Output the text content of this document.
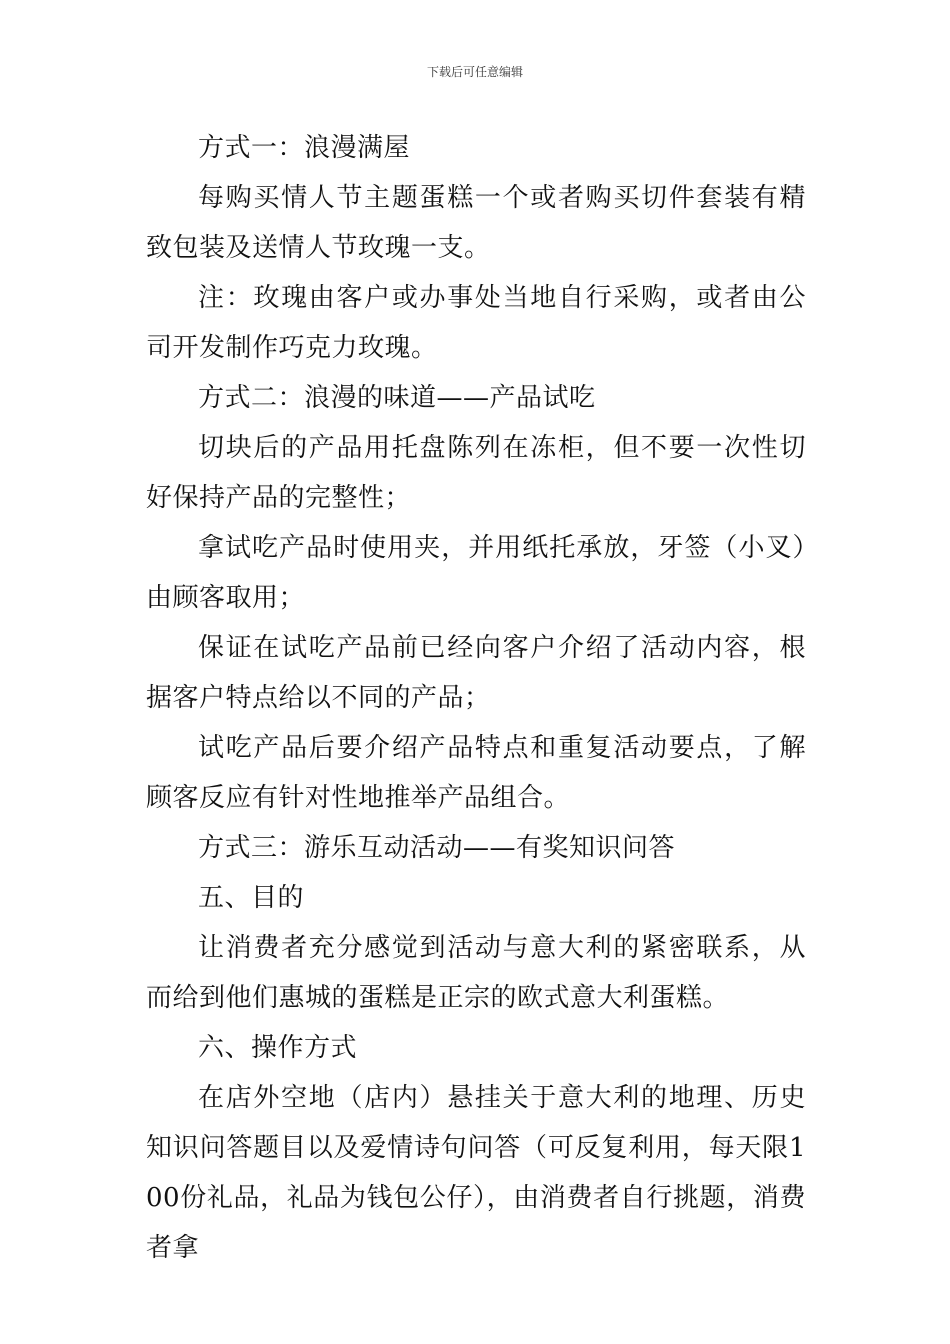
下载后可任意编辑

方式一：浪漫满屋

每购买情人节主题蛋糕一个或者购买切件套装有精致包装及送情人节玫瑰一支。

注：玫瑰由客户或办事处当地自行采购，或者由公司开发制作巧克力玫瑰。

方式二：浪漫的味道——产品试吃

切块后的产品用托盘陈列在冻柜，但不要一次性切好保持产品的完整性；

拿试吃产品时使用夹，并用纸托承放，牙签（小叉）由顾客取用；

保证在试吃产品前已经向客户介绍了活动内容，根据客户特点给以不同的产品；

试吃产品后要介绍产品特点和重复活动要点，了解顾客反应有针对性地推举产品组合。

方式三：游乐互动活动——有奖知识问答

五、目的

让消费者充分感觉到活动与意大利的紧密联系，从而给到他们惠城的蛋糕是正宗的欧式意大利蛋糕。

六、操作方式

在店外空地（店内）悬挂关于意大利的地理、历史知识问答题目以及爱情诗句问答（可反复利用，每天限100份礼品，礼品为钱包公仔），由消费者自行挑题，消费者拿
